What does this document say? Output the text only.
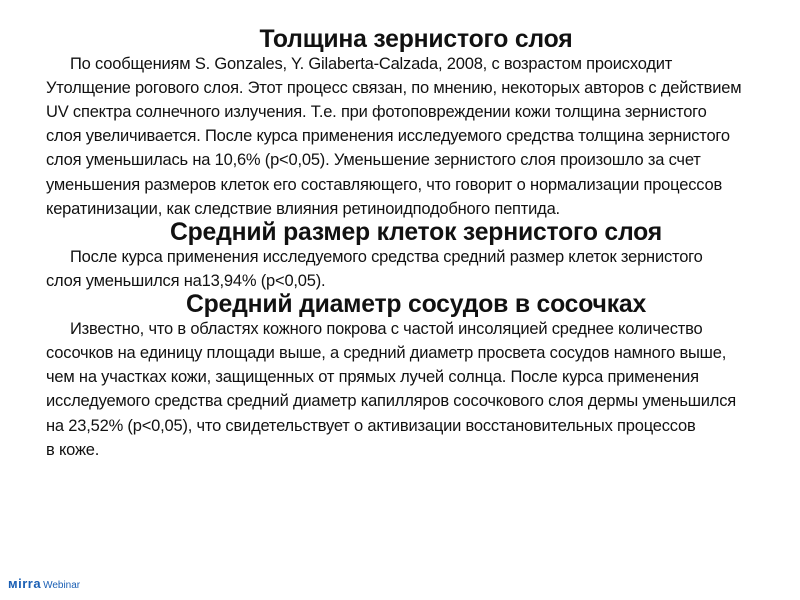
Толщина зернистого слоя

По сообщениям S. Gonzales, Y. Gilaberta-Calzada, 2008, с возрастом происходит
Утолщение рогового слоя. Этот процесс связан, по мнению, некоторых авторов с действием
UV спектра солнечного излучения. Т.е. при фотоповреждении кожи толщина зернистого
слоя увеличивается. После курса применения исследуемого средства толщина зернистого
слоя уменьшилась на 10,6% (р<0,05). Уменьшение зернистого слоя произошло за счет
уменьшения размеров клеток его составляющего, что говорит о нормализации процессов
кератинизации, как следствие влияния ретиноидподобного пептида.

Средний размер клеток зернистого слоя

После курса применения исследуемого средства средний размер клеток зернистого
слоя уменьшился на13,94% (р<0,05).

Средний диаметр сосудов в сосочках

Известно, что в областях кожного покрова с частой инсоляцией среднее количество
сосочков на единицу площади выше, а средний диаметр просвета сосудов намного выше,
чем на участках кожи, защищенных от прямых лучей солнца. После курса применения
исследуемого средства средний диаметр капилляров сосочкового слоя дермы уменьшился
на 23,52% (р<0,05), что свидетельствует о активизации восстановительных процессов
в коже.

мirra Webinar
